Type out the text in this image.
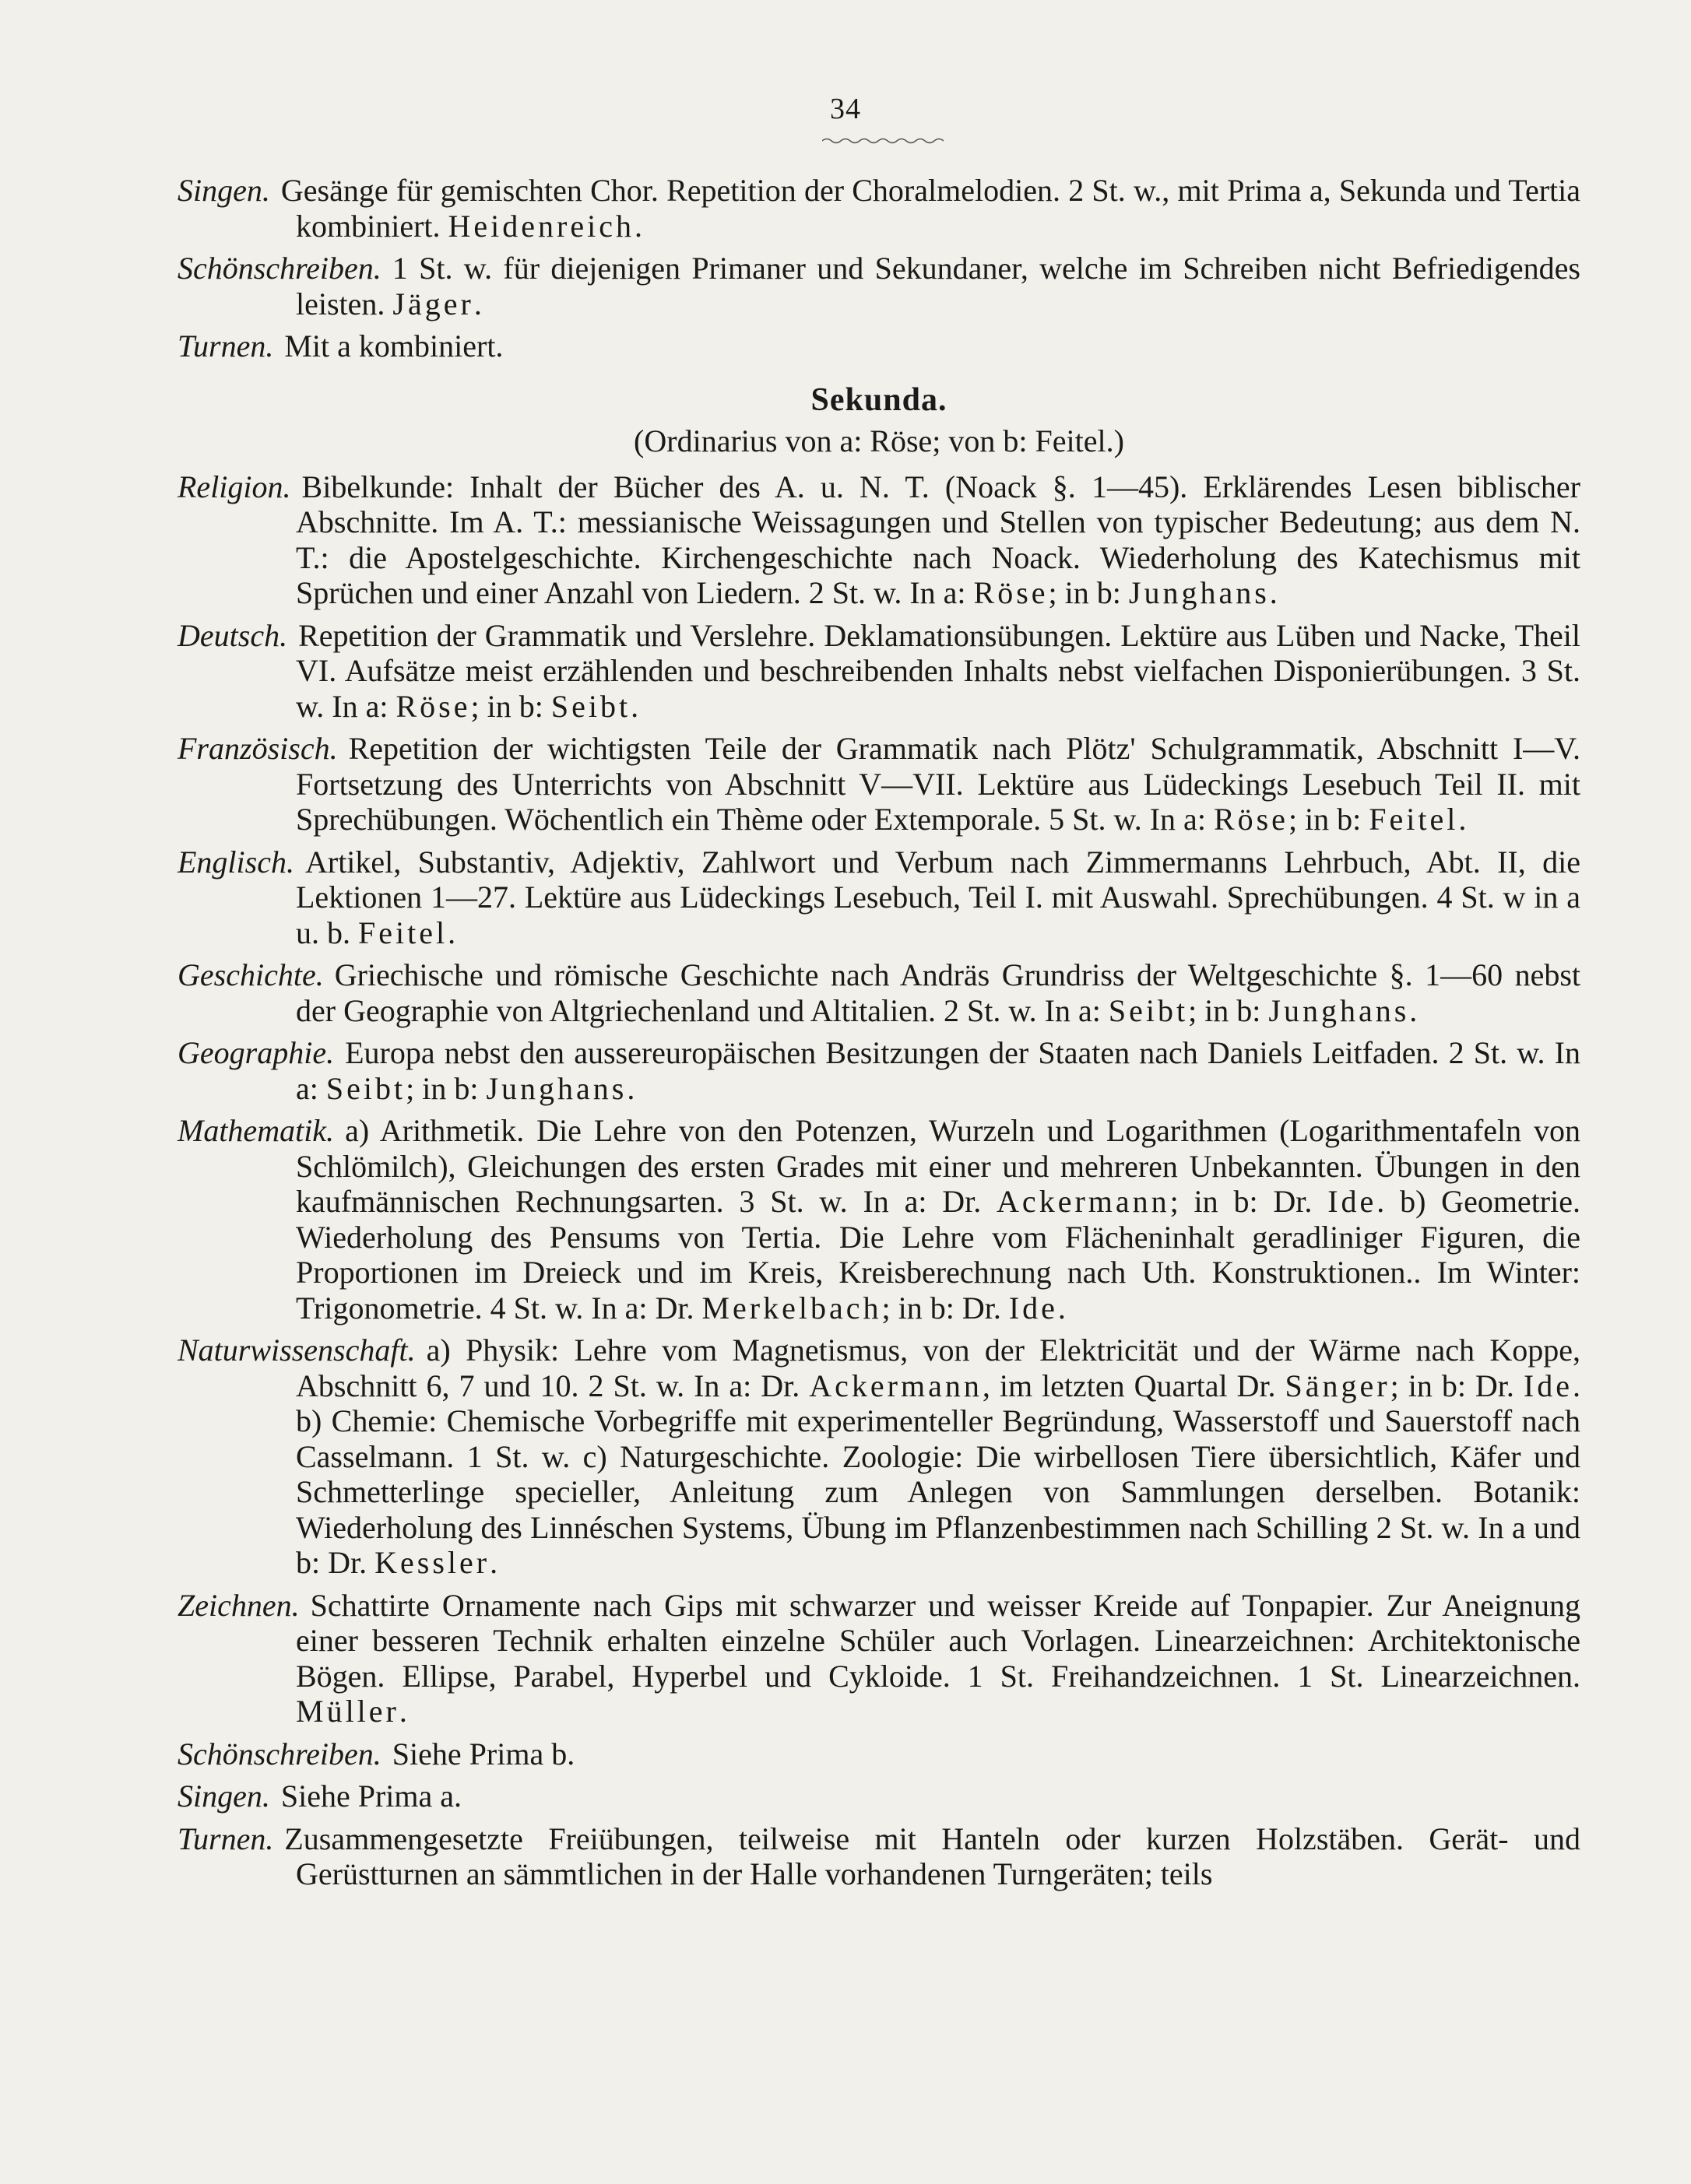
34

Singen. Gesänge für gemischten Chor. Repetition der Choralmelodien. 2 St. w., mit Prima a, Sekunda und Tertia kombiniert. Heidenreich.

Schönschreiben. 1 St. w. für diejenigen Primaner und Sekundaner, welche im Schreiben nicht Befriedigendes leisten. Jäger.

Turnen. Mit a kombiniert.

Sekunda.
(Ordinarius von a: Röse; von b: Feitel.)

Religion. Bibelkunde: Inhalt der Bücher des A. u. N. T. (Noack §. 1—45). Erklärendes Lesen biblischer Abschnitte. Im A. T.: messianische Weissagungen und Stellen von typischer Bedeutung; aus dem N. T.: die Apostelgeschichte. Kirchengeschichte nach Noack. Wiederholung des Katechismus mit Sprüchen und einer Anzahl von Liedern. 2 St. w. In a: Röse; in b: Junghans.

Deutsch. Repetition der Grammatik und Verslehre. Deklamationsübungen. Lektüre aus Lüben und Nacke, Theil VI. Aufsätze meist erzählenden und beschreibenden Inhalts nebst vielfachen Disponierübungen. 3 St. w. In a: Röse; in b: Seibt.

Französisch. Repetition der wichtigsten Teile der Grammatik nach Plötz' Schulgrammatik, Abschnitt I—V. Fortsetzung des Unterrichts von Abschnitt V—VII. Lektüre aus Lüdeckings Lesebuch Teil II. mit Sprechübungen. Wöchentlich ein Thème oder Extemporale. 5 St. w. In a: Röse; in b: Feitel.

Englisch. Artikel, Substantiv, Adjektiv, Zahlwort und Verbum nach Zimmermanns Lehrbuch, Abt. II, die Lektionen 1—27. Lektüre aus Lüdeckings Lesebuch, Teil I. mit Auswahl. Sprechübungen. 4 St. w in a u. b. Feitel.

Geschichte. Griechische und römische Geschichte nach Andräs Grundriss der Weltgeschichte §. 1—60 nebst der Geographie von Altgriechenland und Altitalien. 2 St. w. In a: Seibt; in b: Junghans.

Geographie. Europa nebst den aussereuropäischen Besitzungen der Staaten nach Daniels Leitfaden. 2 St. w. In a: Seibt; in b: Junghans.

Mathematik. a) Arithmetik. Die Lehre von den Potenzen, Wurzeln und Logarithmen (Logarithmentafeln von Schlömilch), Gleichungen des ersten Grades mit einer und mehreren Unbekannten. Übungen in den kaufmännischen Rechnungsarten. 3 St. w. In a: Dr. Ackermann; in b: Dr. Ide. b) Geometrie. Wiederholung des Pensums von Tertia. Die Lehre vom Flächeninhalt geradliniger Figuren, die Proportionen im Dreieck und im Kreis, Kreisberechnung nach Uth. Konstruktionen.. Im Winter: Trigonometrie. 4 St. w. In a: Dr. Merkelbach; in b: Dr. Ide.

Naturwissenschaft. a) Physik: Lehre vom Magnetismus, von der Elektricität und der Wärme nach Koppe, Abschnitt 6, 7 und 10. 2 St. w. In a: Dr. Ackermann, im letzten Quartal Dr. Sänger; in b: Dr. Ide. b) Chemie: Chemische Vorbegriffe mit experimenteller Begründung, Wasserstoff und Sauerstoff nach Casselmann. 1 St. w. c) Naturgeschichte. Zoologie: Die wirbellosen Tiere übersichtlich, Käfer und Schmetterlinge specieller, Anleitung zum Anlegen von Sammlungen derselben. Botanik: Wiederholung des Linnéschen Systems, Übung im Pflanzenbestimmen nach Schilling 2 St. w. In a und b: Dr. Kessler.

Zeichnen. Schattirte Ornamente nach Gips mit schwarzer und weisser Kreide auf Tonpapier. Zur Aneignung einer besseren Technik erhalten einzelne Schüler auch Vorlagen. Linearzeichnen: Architektonische Bögen. Ellipse, Parabel, Hyperbel und Cykloide. 1 St. Freihandzeichnen. 1 St. Linearzeichnen. Müller.

Schönschreiben. Siehe Prima b.

Singen. Siehe Prima a.

Turnen. Zusammengesetzte Freiübungen, teilweise mit Hanteln oder kurzen Holzstäben. Gerät- und Gerüstturnen an sämmtlichen in der Halle vorhandenen Turngeräten; teils
